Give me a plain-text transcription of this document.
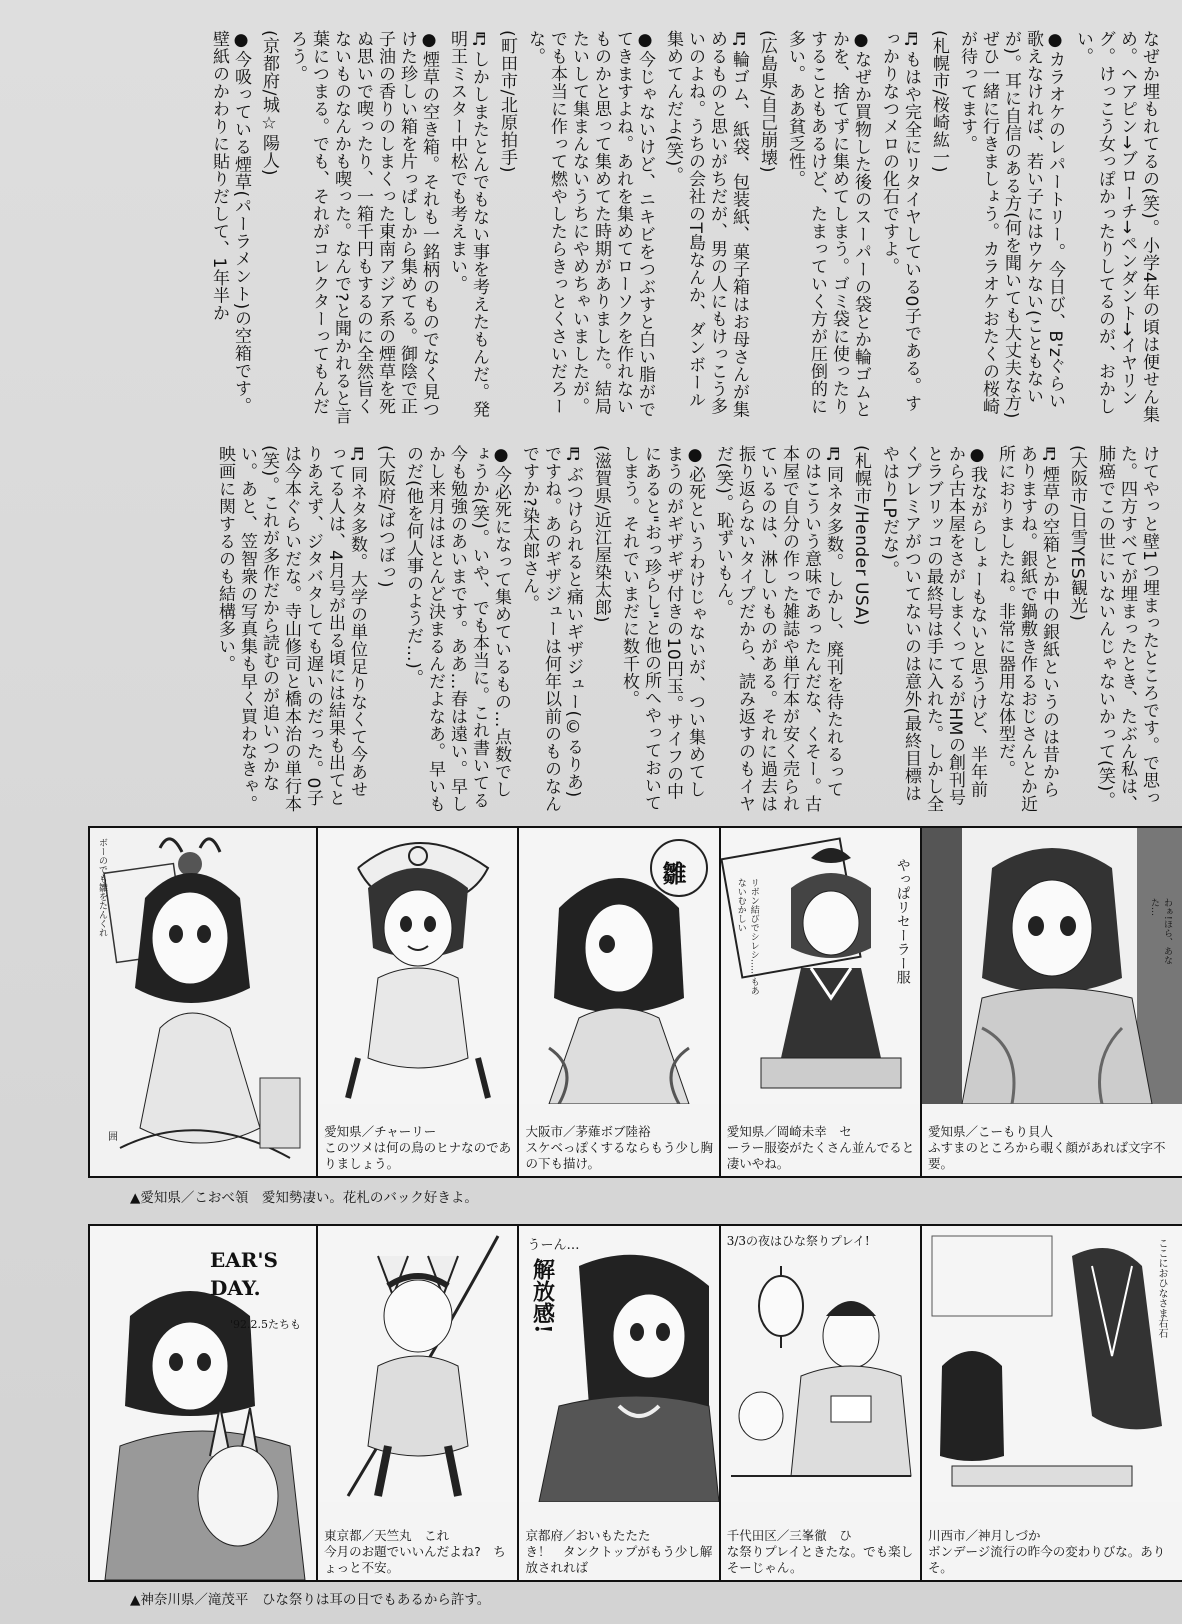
なぜか埋もれてるの(笑)。小学4年の頃は便せん集め。ヘアピン→ブローチ→ペンダント→イヤリング。けっこう女っぽかったりしてるのが、おかしい。

●カラオケのレパートリー。今日び、B'zぐらい歌えなければ、若い子にはウケない(こともないが)。耳に自信のある方(何を聞いても大丈夫な方)ぜひ一緒に行きましょう。カラオケおたくの桜崎が待ってます。

(札幌市/桜崎紘一)

♬もはや完全にリタイヤしている0子である。すっかりなつメロの化石ですよ。

●なぜか買物した後のスーパーの袋とか輪ゴムとかを、捨てずに集めてしまう。ゴミ袋に使ったりすることもあるけど、たまっていく方が圧倒的に多い。ああ貧乏性。

(広島県/自己崩壊)

♬輪ゴム、紙袋、包装紙、菓子箱はお母さんが集めるものと思いがちだが、男の人にもけっこう多いのよね。うちの会社のT島なんか、ダンボール集めてんだよ(笑)。

●今じゃないけど、ニキビをつぶすと白い脂がでてきますよね。あれを集めてローソクを作れないものかと思って集めてた時期がありました。結局たいして集まんないうちにやめちゃいましたが。でも本当に作って燃やしたらきっとくさいだろーな。

(町田市/北原拍手)

♬しかしまたとんでもない事を考えたもんだ。発明王ミスター中松でも考えまい。

●煙草の空き箱。それも一銘柄のものでなく見つけた珍しい箱を片っぱしから集めてる。御陰で正子油の香りのしまくった東南アジア系の煙草を死ぬ思いで喫ったり、一箱千円もするのに全然旨くないものなんかも喫った。なんで?と聞かれると言葉につまる。でも、それがコレクターってもんだろう。

(京都府/城☆陽人)

●今吸っている煙草(パーラメント)の空箱です。壁紙のかわりに貼りだして、1年半か

けてやっと壁1つ埋まったところです。で思った。四方すべてが埋まったとき、たぶん私は、肺癌でこの世にいないんじゃないかって(笑)。

(大阪市/日雪YES観光)

♬煙草の空箱とか中の銀紙というのは昔からありますね。銀紙で鍋敷き作るおじさんとか近所におりましたね。非常に器用な体型だ。

●我ながらしょーもないと思うけど、半年前から古本屋をさがしまくってるがHMの創刊号とラブリッコの最終号は手に入れた。しかし全くプレミアがついてないのは意外(最終目標はやはりLPだな)。

(札幌市/Hender USA)

♬同ネタ多数。しかし、廃刊を待たれるってのはこういう意味であったんだな、くそー。古本屋で自分の作った雑誌や単行本が安く売られているのは、淋しいものがある。それに過去は振り返らないタイプだから、読み返すのもイヤだ(笑)。恥ずいもん。

●必死というわけじゃないが、つい集めてしまうのがギザギザ付きの10円玉。サイフの中にあると"おっ珍らし"と他の所へやっておいてしまう。それでいまだに数千枚。

(滋賀県/近江屋染太郎)

♬ぶつけられると痛いギザジュー(©るりあ)ですね。あのギザジューは何年以前のものなんですか?染太郎さん。

●今必死になって集めているもの…点数でしょうか(笑)。いや、でも本当に。これ書いてる今も勉強のあいまです。ああ…春は遠い。早しかし来月はほとんど決まるんだよなあ。早いものだ(他を何人事のようだ…)。

(大阪府/ばつぼっ)

♬同ネタ多数。大学の単位足りなくて今あせってる人は、4月号が出る頃には結果も出てとりあえず、ジタバタしても遅いのだった。0子は今本ぐらいだな。寺山修司と橋本治の単行本(笑)。これが多作だから読むのが追いつかない。あと、笠智衆の写真集も早く買わなきゃ。映画に関するのも結構多い。

ボーのでも雛をたんくれ
囲	愛知県／チャーリー
このツメは何の鳥のヒナなのでありましょう。
雛
大阪市／茅薙ボブ陸裕
スケベっぽくするならもう少し胸の下も描け。
やっぱリセーラー服
リボン結びでシレシ……もあないむかしい
愛知県／岡崎未幸　セ
ーラー服姿がたくさん並んでると凄いやね。
わぁ!ほら、あなた…
愛知県／こーもり貝人
ふすまのところから覗く顔があれば文字不要。
▲愛知県／こおべ領　愛知勢凄い。花札のバック好きよ。
EAR'S DAY.
'92.2.5たちも
東京都／天竺丸　これ
今月のお題でいいんだよね?　ちょっと不安。
うーん…
解放感!
京都府／おいもたたた
き！　タンクトップがもう少し解放されれば
3/3の夜はひな祭りプレイ!
千代田区／三峯徹　ひ
な祭りプレイときたな。でも楽しそーじゃん。
ここにおひなさま右石
川西市／神月しづか
ボンデージ流行の昨今の変わりびな。ありそ。
▲神奈川県／滝茂平　ひな祭りは耳の日でもあるから許す。
